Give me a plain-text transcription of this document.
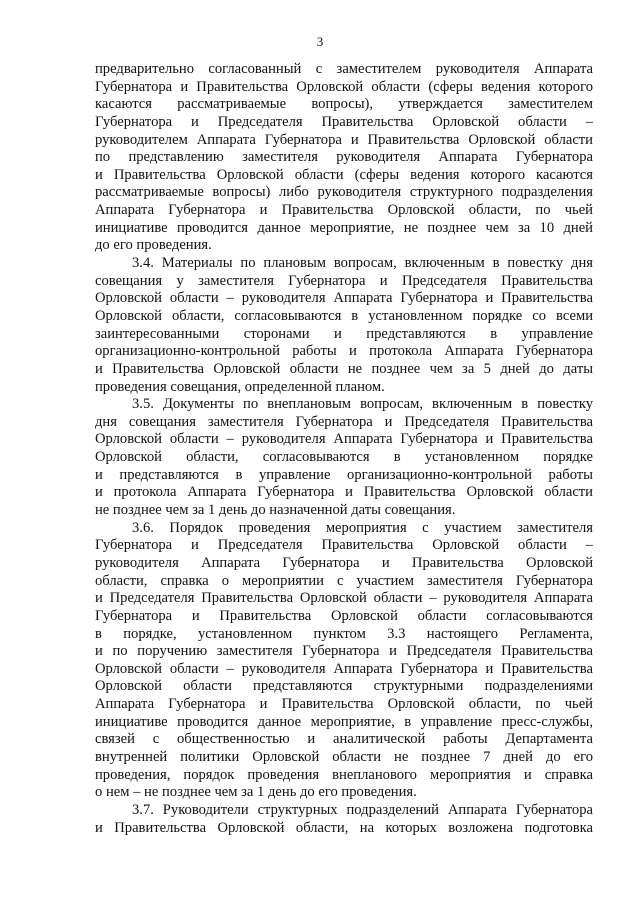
3
предварительно согласованный с заместителем руководителя Аппарата
Губернатора и Правительства Орловской области (сферы ведения которого
касаются рассматриваемые вопросы), утверждается заместителем
Губернатора и Председателя Правительства Орловской области –
руководителем Аппарата Губернатора и Правительства Орловской области
по представлению заместителя руководителя Аппарата Губернатора
и Правительства Орловской области (сферы ведения которого касаются
рассматриваемые вопросы) либо руководителя структурного подразделения
Аппарата Губернатора и Правительства Орловской области, по чьей
инициативе проводится данное мероприятие, не позднее чем за 10 дней
до его проведения.
3.4. Материалы по плановым вопросам, включенным в повестку дня
совещания у заместителя Губернатора и Председателя Правительства
Орловской области – руководителя Аппарата Губернатора и Правительства
Орловской области, согласовываются в установленном порядке со всеми
заинтересованными сторонами и представляются в управление
организационно-контрольной работы и протокола Аппарата Губернатора
и Правительства Орловской области не позднее чем за 5 дней до даты
проведения совещания, определенной планом.
3.5. Документы по внеплановым вопросам, включенным в повестку
дня совещания заместителя Губернатора и Председателя Правительства
Орловской области – руководителя Аппарата Губернатора и Правительства
Орловской области, согласовываются в установленном порядке
и представляются в управление организационно-контрольной работы
и протокола Аппарата Губернатора и Правительства Орловской области
не позднее чем за 1 день до назначенной даты совещания.
3.6. Порядок проведения мероприятия с участием заместителя
Губернатора и Председателя Правительства Орловской области –
руководителя Аппарата Губернатора и Правительства Орловской
области, справка о мероприятии с участием заместителя Губернатора
и Председателя Правительства Орловской области – руководителя Аппарата
Губернатора и Правительства Орловской области согласовываются
в порядке, установленном пунктом 3.3 настоящего Регламента,
и по поручению заместителя Губернатора и Председателя Правительства
Орловской области – руководителя Аппарата Губернатора и Правительства
Орловской области представляются структурными подразделениями
Аппарата Губернатора и Правительства Орловской области, по чьей
инициативе проводится данное мероприятие, в управление пресс-службы,
связей с общественностью и аналитической работы Департамента
внутренней политики Орловской области не позднее 7 дней до его
проведения, порядок проведения внепланового мероприятия и справка
о нем – не позднее чем за 1 день до его проведения.
3.7. Руководители структурных подразделений Аппарата Губернатора
и Правительства Орловской области, на которых возложена подготовка
